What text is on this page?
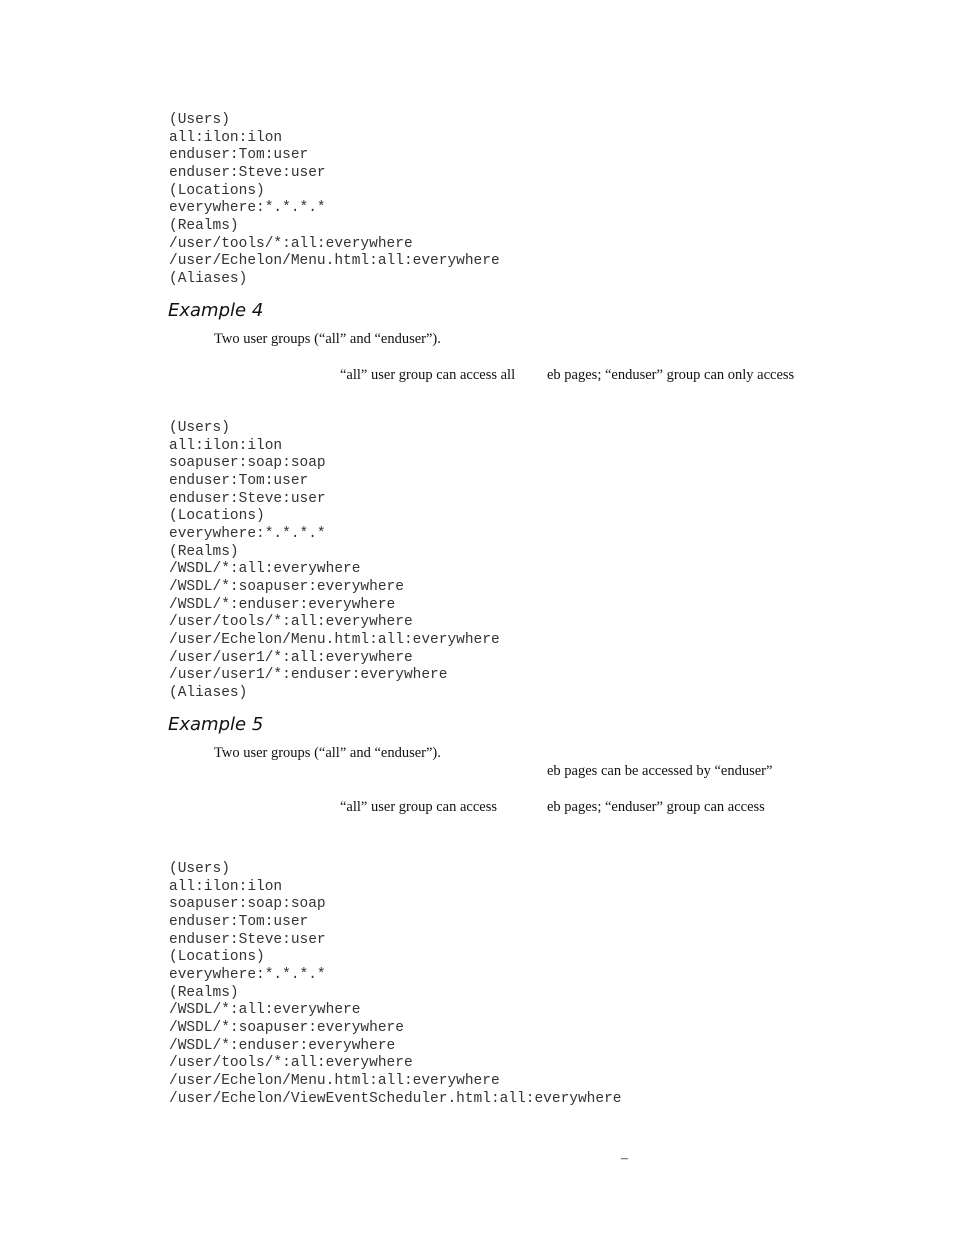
(Users)
all:ilon:ilon
enduser:Tom:user
enduser:Steve:user
(Locations)
everywhere:*.*.*.*
(Realms)
/user/tools/*:all:everywhere
/user/Echelon/Menu.html:all:everywhere
(Aliases)
Example 4
Two user groups (“all” and “enduser”).
“all” user group can access all eb pages; “enduser” group can only access
(Users)
all:ilon:ilon
soapuser:soap:soap
enduser:Tom:user
enduser:Steve:user
(Locations)
everywhere:*.*.*.*
(Realms)
/WSDL/*:all:everywhere
/WSDL/*:soapuser:everywhere
/WSDL/*:enduser:everywhere
/user/tools/*:all:everywhere
/user/Echelon/Menu.html:all:everywhere
/user/user1/*:all:everywhere
/user/user1/*:enduser:everywhere
(Aliases)
Example 5
Two user groups (“all” and “enduser”).
eb pages can be accessed by “enduser”
“all” user group can access	eb pages; “enduser” group can access
(Users)
all:ilon:ilon
soapuser:soap:soap
enduser:Tom:user
enduser:Steve:user
(Locations)
everywhere:*.*.*.*
(Realms)
/WSDL/*:all:everywhere
/WSDL/*:soapuser:everywhere
/WSDL/*:enduser:everywhere
/user/tools/*:all:everywhere
/user/Echelon/Menu.html:all:everywhere
/user/Echelon/ViewEventScheduler.html:all:everywhere
–
